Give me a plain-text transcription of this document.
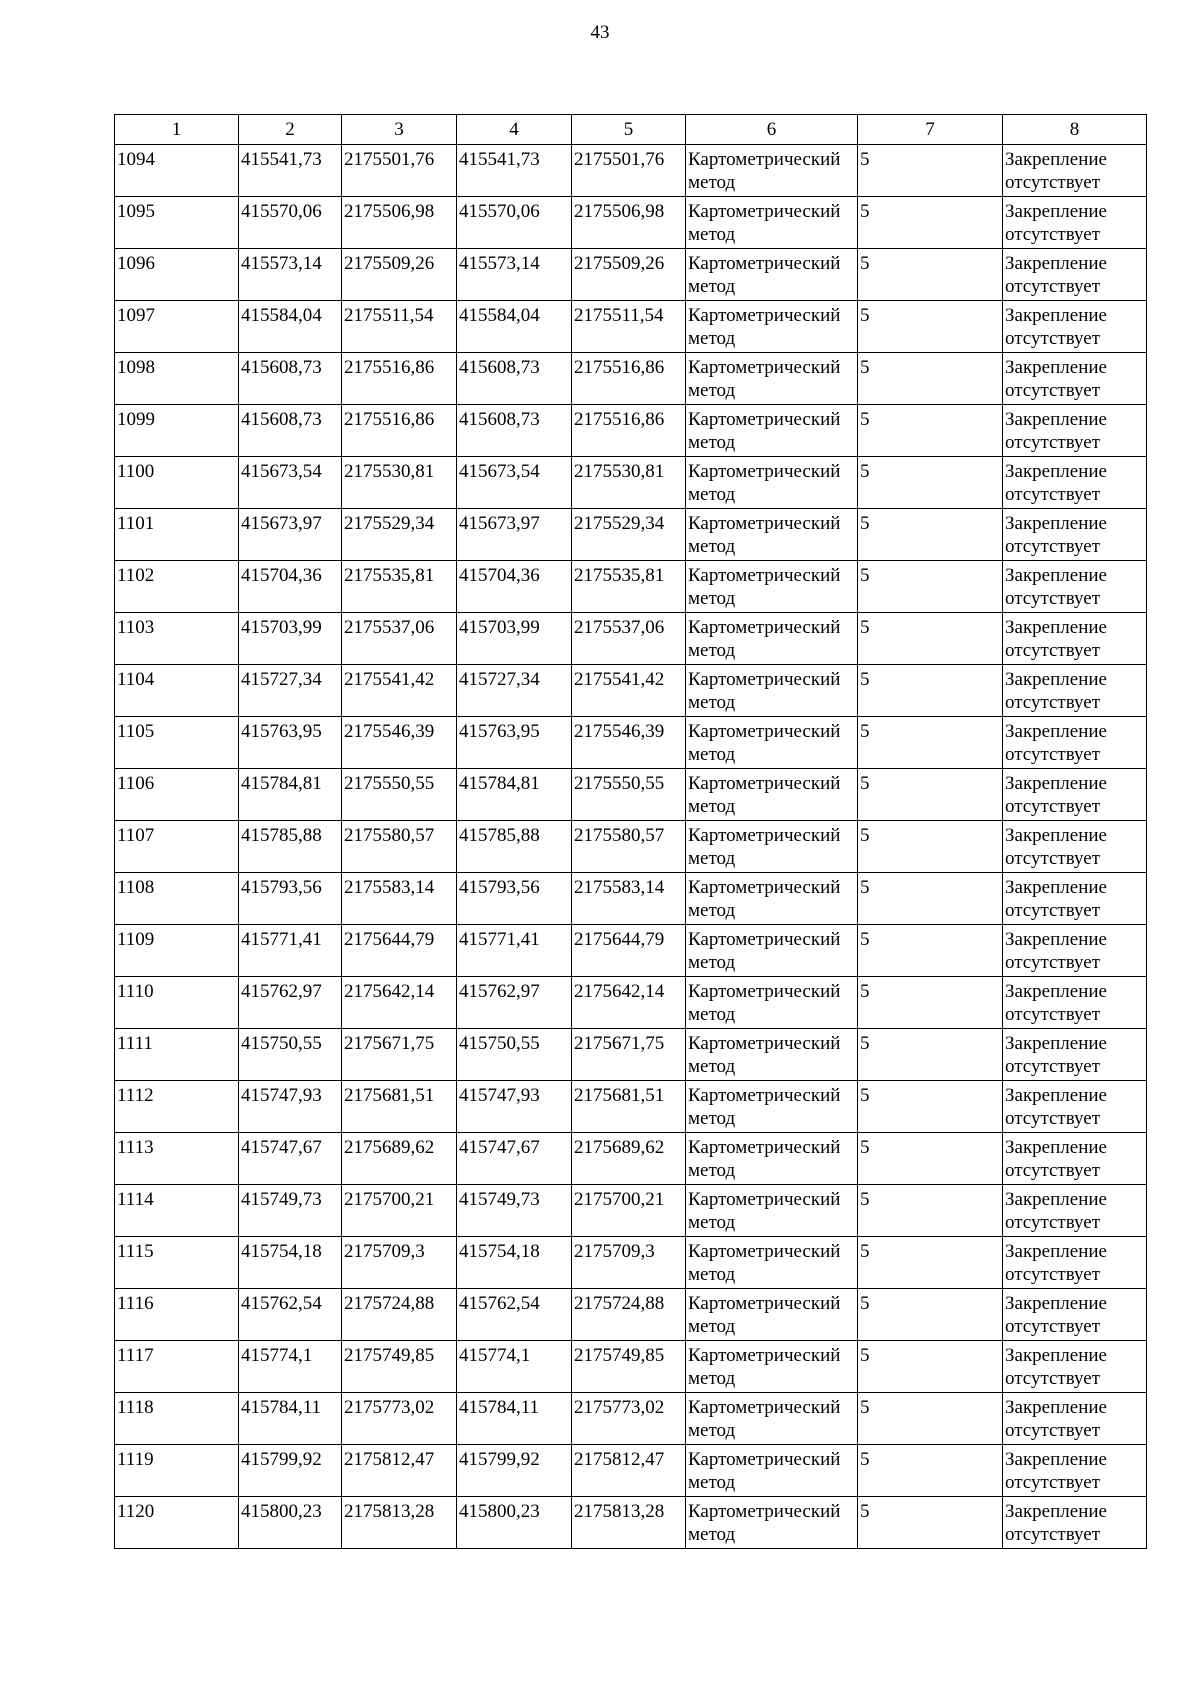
43
1	2	3	4	5	6	7	8

1094	415541,73	2175501,76	415541,73	2175501,76	Картометрический метод	5	Закрепление отсутствует

1095	415570,06	2175506,98	415570,06	2175506,98	Картометрический метод	5	Закрепление отсутствует

1096	415573,14	2175509,26	415573,14	2175509,26	Картометрический метод	5	Закрепление отсутствует

1097	415584,04	2175511,54	415584,04	2175511,54	Картометрический метод	5	Закрепление отсутствует

1098	415608,73	2175516,86	415608,73	2175516,86	Картометрический метод	5	Закрепление отсутствует

1099	415608,73	2175516,86	415608,73	2175516,86	Картометрический метод	5	Закрепление отсутствует

1100	415673,54	2175530,81	415673,54	2175530,81	Картометрический метод	5	Закрепление отсутствует

1101	415673,97	2175529,34	415673,97	2175529,34	Картометрический метод	5	Закрепление отсутствует

1102	415704,36	2175535,81	415704,36	2175535,81	Картометрический метод	5	Закрепление отсутствует

1103	415703,99	2175537,06	415703,99	2175537,06	Картометрический метод	5	Закрепление отсутствует

1104	415727,34	2175541,42	415727,34	2175541,42	Картометрический метод	5	Закрепление отсутствует

1105	415763,95	2175546,39	415763,95	2175546,39	Картометрический метод	5	Закрепление отсутствует

1106	415784,81	2175550,55	415784,81	2175550,55	Картометрический метод	5	Закрепление отсутствует

1107	415785,88	2175580,57	415785,88	2175580,57	Картометрический метод	5	Закрепление отсутствует

1108	415793,56	2175583,14	415793,56	2175583,14	Картометрический метод	5	Закрепление отсутствует

1109	415771,41	2175644,79	415771,41	2175644,79	Картометрический метод	5	Закрепление отсутствует

1110	415762,97	2175642,14	415762,97	2175642,14	Картометрический метод	5	Закрепление отсутствует

1111	415750,55	2175671,75	415750,55	2175671,75	Картометрический метод	5	Закрепление отсутствует

1112	415747,93	2175681,51	415747,93	2175681,51	Картометрический метод	5	Закрепление отсутствует

1113	415747,67	2175689,62	415747,67	2175689,62	Картометрический метод	5	Закрепление отсутствует

1114	415749,73	2175700,21	415749,73	2175700,21	Картометрический метод	5	Закрепление отсутствует

1115	415754,18	2175709,3	415754,18	2175709,3	Картометрический метод	5	Закрепление отсутствует

1116	415762,54	2175724,88	415762,54	2175724,88	Картометрический метод	5	Закрепление отсутствует

1117	415774,1	2175749,85	415774,1	2175749,85	Картометрический метод	5	Закрепление отсутствует

1118	415784,11	2175773,02	415784,11	2175773,02	Картометрический метод	5	Закрепление отсутствует

1119	415799,92	2175812,47	415799,92	2175812,47	Картометрический метод	5	Закрепление отсутствует

1120	415800,23	2175813,28	415800,23	2175813,28	Картометрический метод	5	Закрепление отсутствует
